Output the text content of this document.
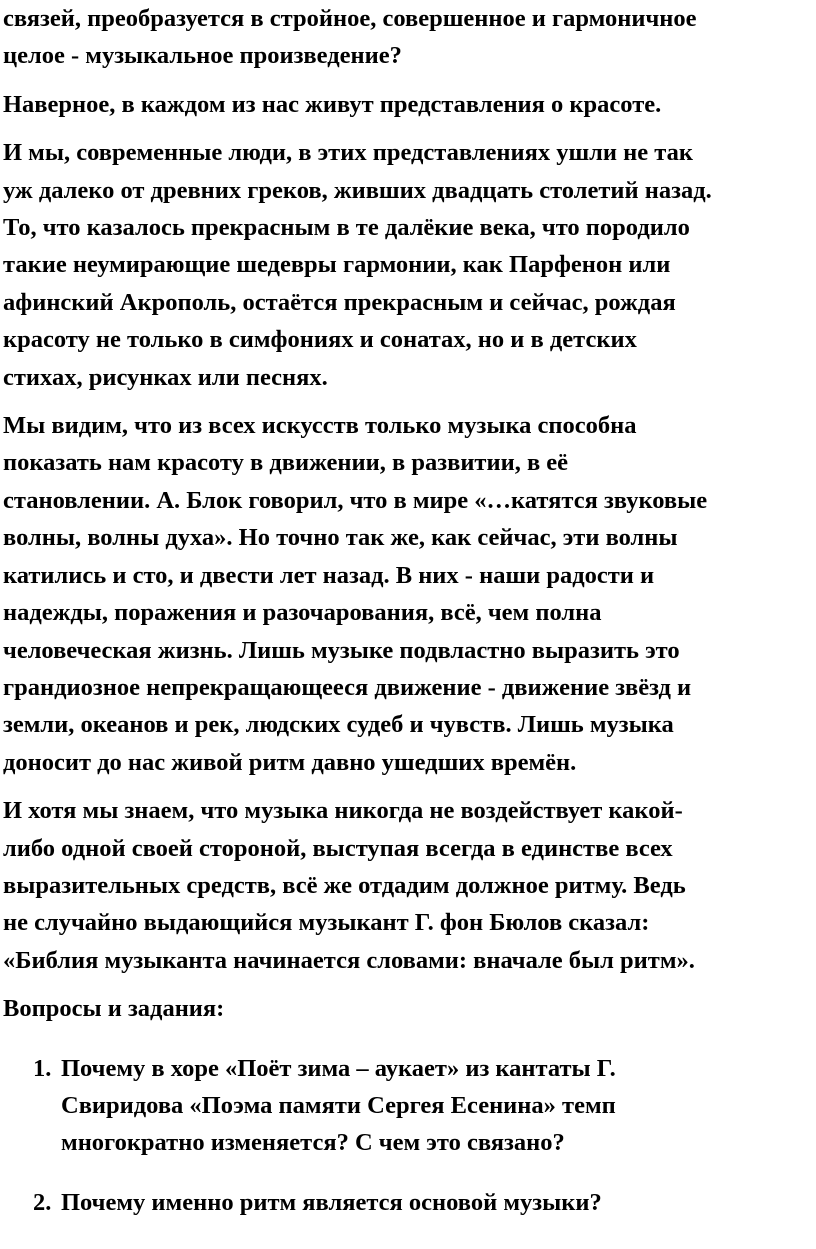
связей, преобразуется в стройное, совершенное и гармоничное
целое - музыкальное произведение?
Наверное, в каждом из нас живут представления о красоте.
И мы, современные люди, в этих представлениях ушли не так
уж далеко от древних греков, живших двадцать столетий назад.
То, что казалось прекрасным в те далёкие века, что породило
такие неумирающие шедевры гармонии, как Парфенон или
афинский Акрополь, остаётся прекрасным и сейчас, рождая
красоту не только в симфониях и сонатах, но и в детских
стихах, рисунках или песнях.
Мы видим, что из всех искусств только музыка способна
показать нам красоту в движении, в развитии, в её
становлении. А. Блок говорил, что в мире «…катятся звуковые
волны, волны духа». Но точно так же, как сейчас, эти волны
катились и сто, и двести лет назад. В них - наши радости и
надежды, поражения и разочарования, всё, чем полна
человеческая жизнь. Лишь музыке подвластно выразить это
грандиозное непрекращающееся движение - движение звёзд и
земли, океанов и рек, людских судеб и чувств. Лишь музыка
доносит до нас живой ритм давно ушедших времён.
И хотя мы знаем, что музыка никогда не воздействует какой-
либо одной своей стороной, выступая всегда в единстве всех
выразительных средств, всё же отдадим должное ритму. Ведь
не случайно выдающийся музыкант Г. фон Бюлов сказал:
«Библия музыканта начинается словами: вначале был ритм».
Вопросы и задания:
1. Почему в хоре «Поёт зима – аукает» из кантаты Г.
Свиридова «Поэма памяти Сергея Есенина» темп
многократно изменяется? С чем это связано?
2. Почему именно ритм является основой музыки?
